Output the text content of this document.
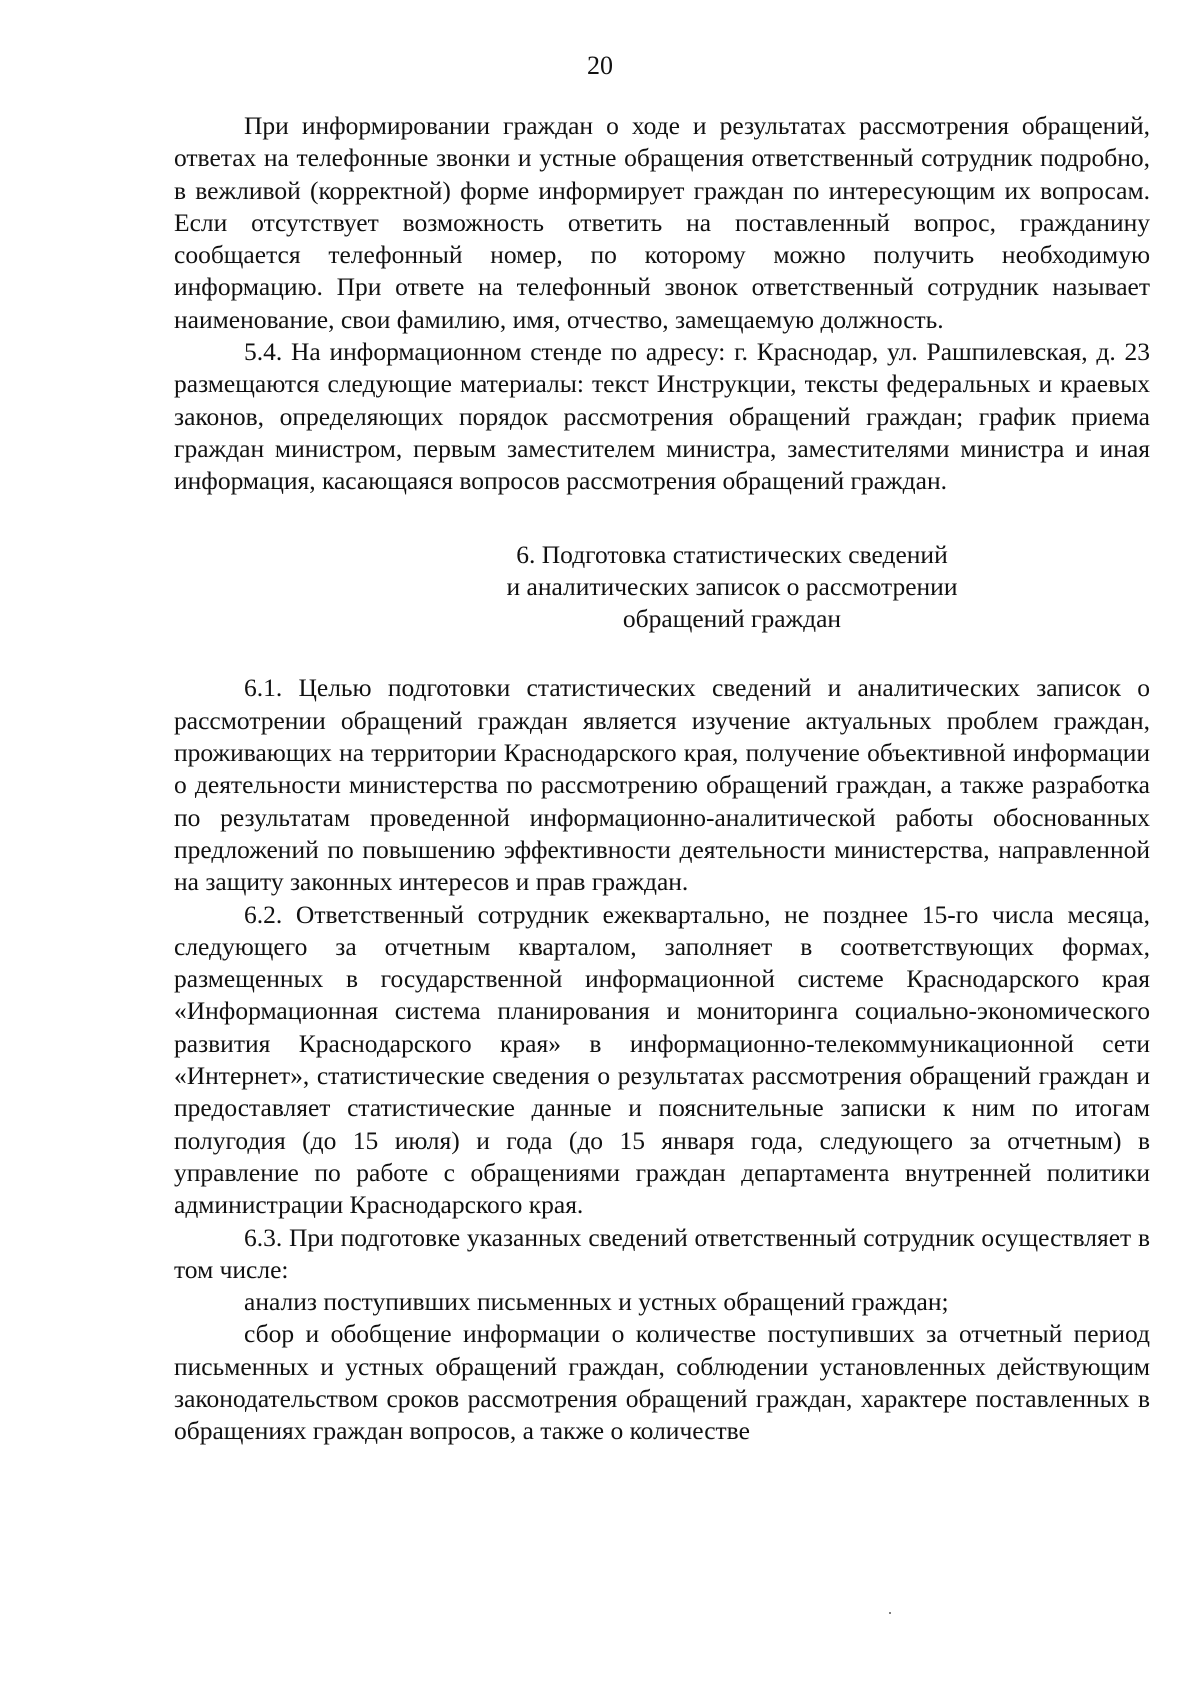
20

При информировании граждан о ходе и результатах рассмотрения обращений, ответах на телефонные звонки и устные обращения ответственный сотрудник подробно, в вежливой (корректной) форме информирует граждан по интересующим их вопросам. Если отсутствует возможность ответить на поставленный вопрос, гражданину сообщается телефонный номер, по которому можно получить необходимую информацию. При ответе на телефонный звонок ответственный сотрудник называет наименование, свои фамилию, имя, отчество, замещаемую должность.

5.4. На информационном стенде по адресу: г. Краснодар, ул. Рашпилевская, д. 23 размещаются следующие материалы: текст Инструкции, тексты федеральных и краевых законов, определяющих порядок рассмотрения обращений граждан; график приема граждан министром, первым заместителем министра, заместителями министра и иная информация, касающаяся вопросов рассмотрения обращений граждан.

6. Подготовка статистических сведений
и аналитических записок о рассмотрении
обращений граждан

6.1. Целью подготовки статистических сведений и аналитических записок о рассмотрении обращений граждан является изучение актуальных проблем граждан, проживающих на территории Краснодарского края, получение объективной информации о деятельности министерства по рассмотрению обращений граждан, а также разработка по результатам проведенной информационно-аналитической работы обоснованных предложений по повышению эффективности деятельности министерства, направленной на защиту законных интересов и прав граждан.

6.2. Ответственный сотрудник ежеквартально, не позднее 15-го числа месяца, следующего за отчетным кварталом, заполняет в соответствующих формах, размещенных в государственной информационной системе Краснодарского края «Информационная система планирования и мониторинга социально-экономического развития Краснодарского края» в информационно-телекоммуникационной сети «Интернет», статистические сведения о результатах рассмотрения обращений граждан и предоставляет статистические данные и пояснительные записки к ним по итогам полугодия (до 15 июля) и года (до 15 января года, следующего за отчетным) в управление по работе с обращениями граждан департамента внутренней политики администрации Краснодарского края.

6.3. При подготовке указанных сведений ответственный сотрудник осуществляет в том числе:

анализ поступивших письменных и устных обращений граждан;

сбор и обобщение информации о количестве поступивших за отчетный период письменных и устных обращений граждан, соблюдении установленных действующим законодательством сроков рассмотрения обращений граждан, характере поставленных в обращениях граждан вопросов, а также о количестве
